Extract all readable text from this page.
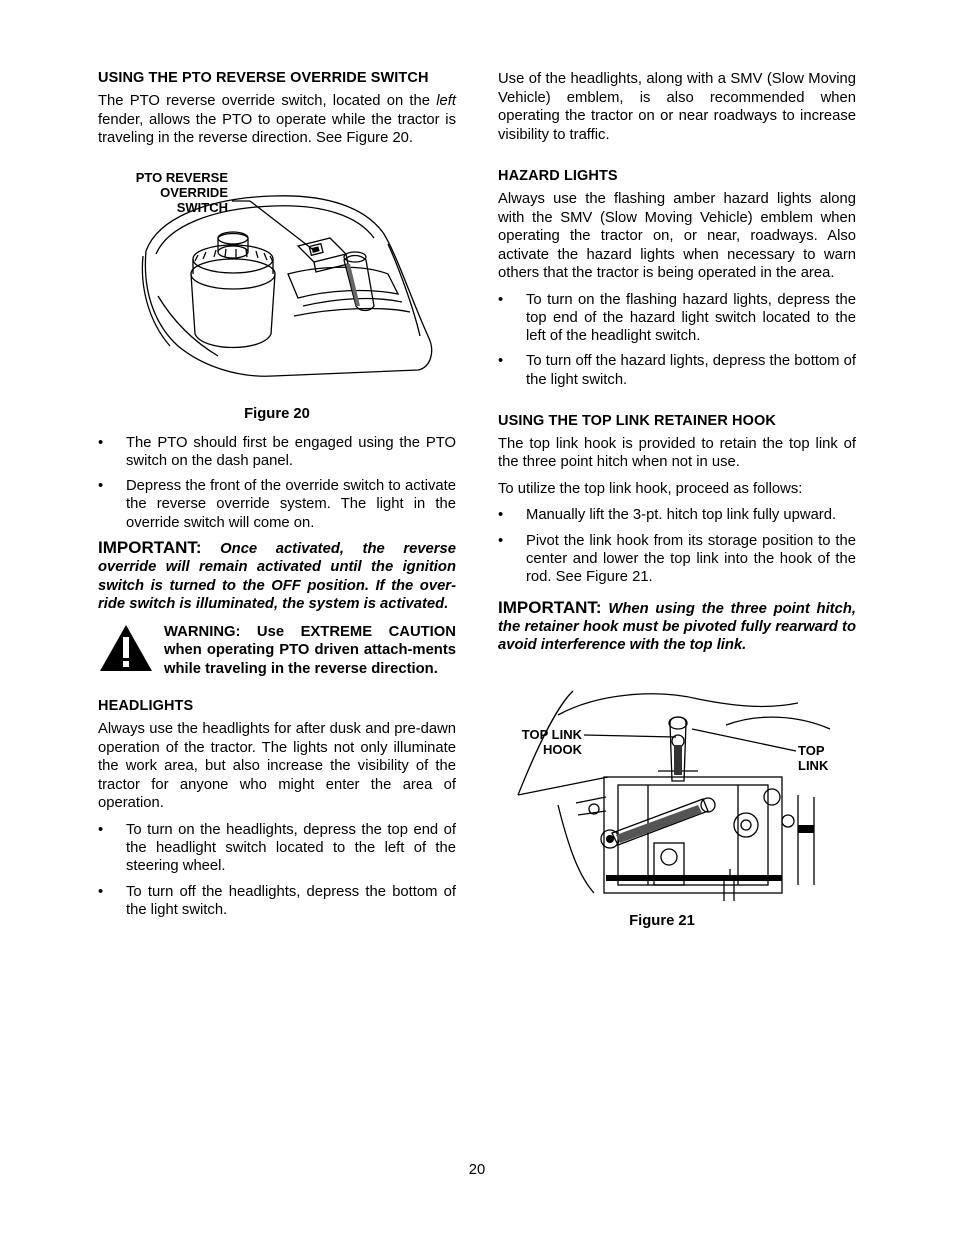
USING THE PTO REVERSE OVERRIDE SWITCH

The PTO reverse override switch, located on the left fender, allows the PTO to operate while the tractor is traveling in the reverse direction. See Figure 20.

PTO REVERSE
OVERRIDE
SWITCH
Figure 20
• The PTO should first be engaged using the PTO switch on the dash panel.
• Depress the front of the override switch to activate the reverse override system. The light in the override switch will come on.
IMPORTANT: Once activated, the reverse override will remain activated until the ignition switch is turned to the OFF position. If the over-ride switch is illuminated, the system is activated.
WARNING: Use EXTREME CAUTION when operating PTO driven attach-ments while traveling in the reverse direction.
HEADLIGHTS

Always use the headlights for after dusk and pre-dawn operation of the tractor. The lights not only illuminate the work area, but also increase the visibility of the tractor for anyone who might enter the area of operation.

• To turn on the headlights, depress the top end of the headlight switch located to the left of the steering wheel.
• To turn off the headlights, depress the bottom of the light switch.

Use of the headlights, along with a SMV (Slow Moving Vehicle) emblem, is also recommended when operating the tractor on or near roadways to increase visibility to traffic.

HAZARD LIGHTS

Always use the flashing amber hazard lights along with the SMV (Slow Moving Vehicle) emblem when operating the tractor on, or near, roadways. Also activate the hazard lights when necessary to warn others that the tractor is being operated in the area.

• To turn on the flashing hazard lights, depress the top end of the hazard light switch located to the left of the headlight switch.
• To turn off the hazard lights, depress the bottom of the light switch.
USING THE TOP LINK RETAINER HOOK

The top link hook is provided to retain the top link of the three point hitch when not in use.

To utilize the top link hook, proceed as follows:

• Manually lift the 3-pt. hitch top link fully upward.
• Pivot the link hook from its storage position to the center and lower the top link into the hook of the rod. See Figure 21.
IMPORTANT: When using the three point hitch, the retainer hook must be pivoted fully rearward to avoid interference with the top link.
TOP LINK
HOOK	TOP
LINK
Figure 21
20
